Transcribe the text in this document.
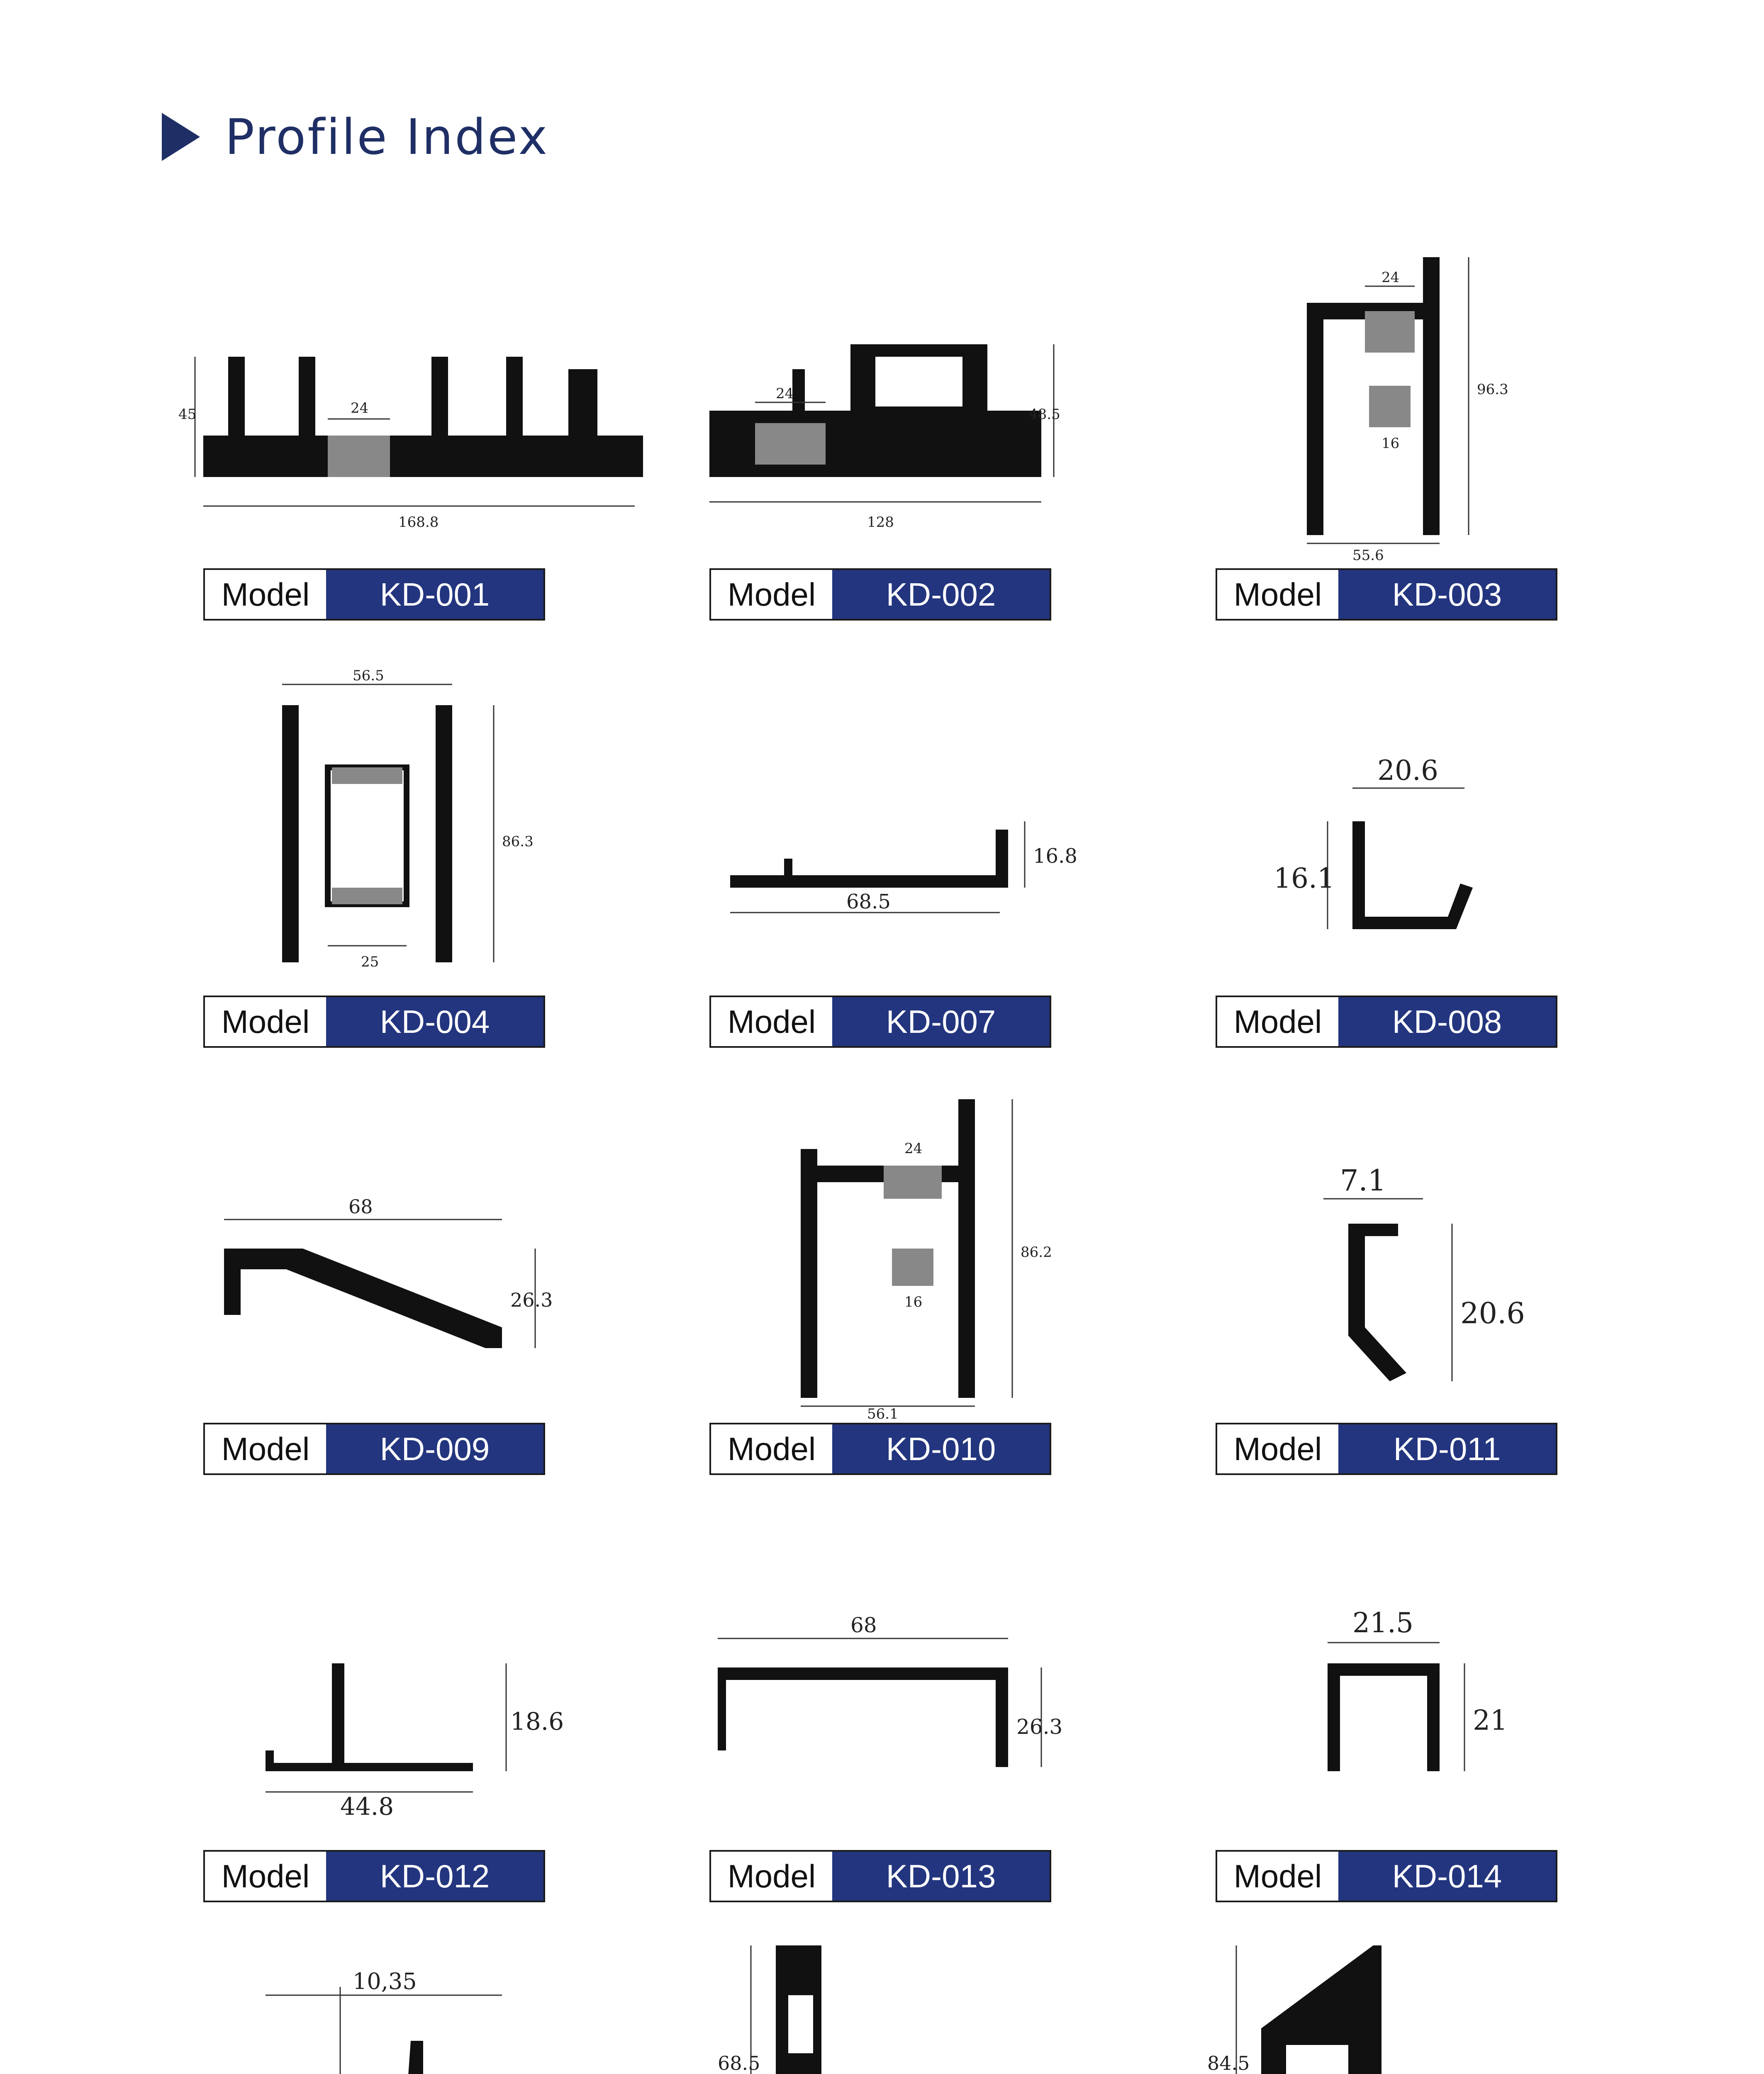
Profile Index
45	24
168.8
Model	KD-001
24
48.5
128
Model	KD-002
24
96.3
16
55.6
Model	KD-003
56.5
86.3
25
Model	KD-004
68.5
16.8
Model	KD-007
20.6
16.1
Model	KD-008
68
26.3
Model	KD-009
24
86.2
16
56.1
Model	KD-010
7.1
20.6
Model	KD-011
44.8
18.6
Model	KD-012
68
26.3
Model	KD-013
21.5
21
Model	KD-014
10,35
68.5	84.5
